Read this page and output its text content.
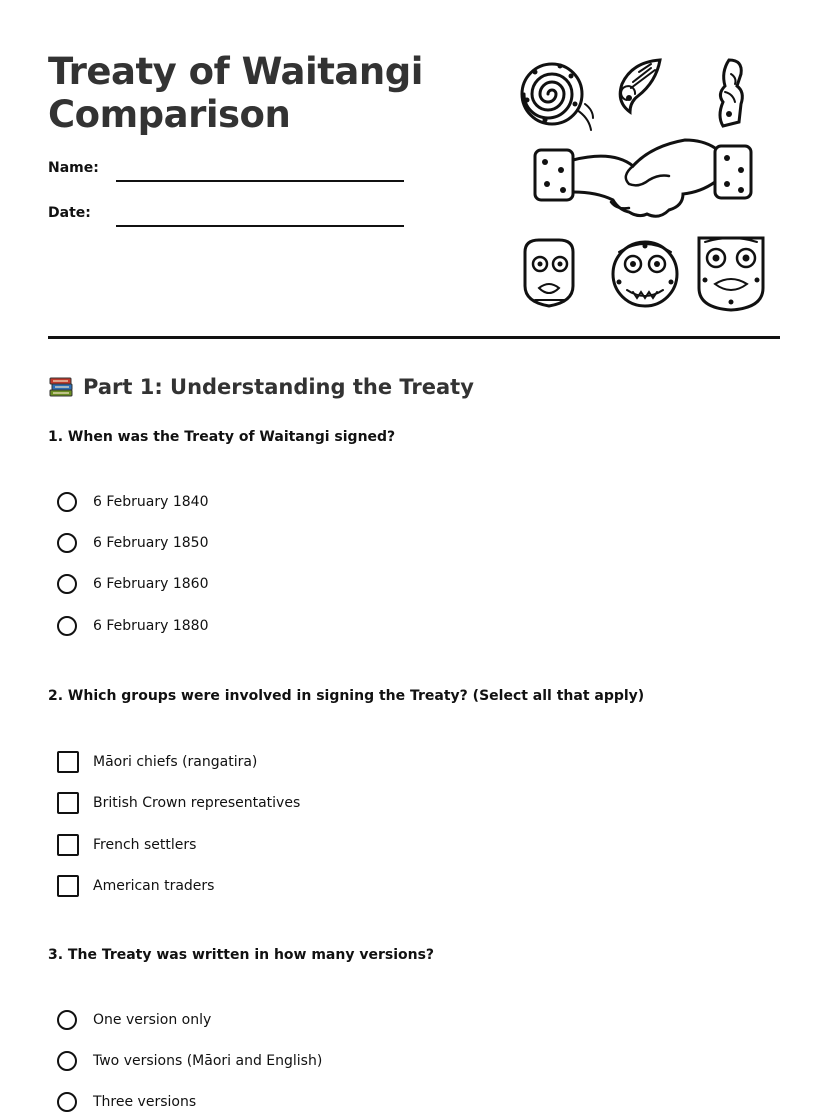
Treaty of Waitangi
Comparison
Name:
Date:
Part 1: Understanding the Treaty

1. When was the Treaty of Waitangi signed?

6 February 1840
6 February 1850
6 February 1860
6 February 1880

2. Which groups were involved in signing the Treaty? (Select all that apply)

Māori chiefs (rangatira)
British Crown representatives
French settlers
American traders

3. The Treaty was written in how many versions?

One version only
Two versions (Māori and English)
Three versions
